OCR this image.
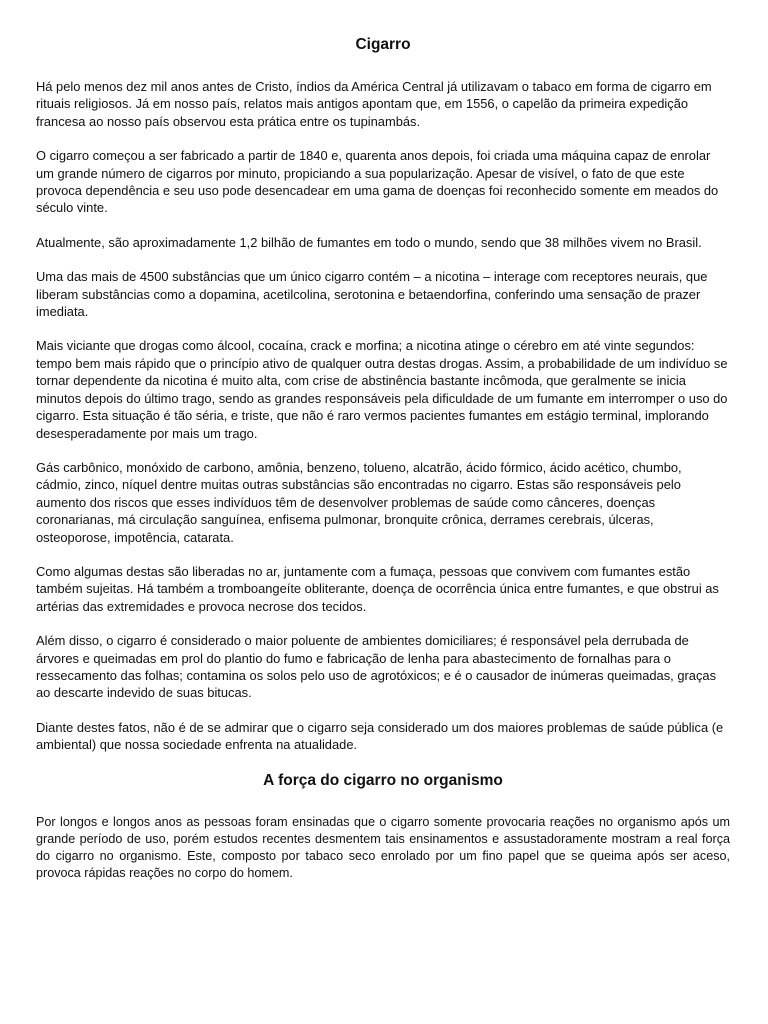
Cigarro

Há pelo menos dez mil anos antes de Cristo, índios da América Central já utilizavam o tabaco em forma de cigarro em rituais religiosos. Já em nosso país, relatos mais antigos apontam que, em 1556, o capelão da primeira expedição francesa ao nosso país observou esta prática entre os tupinambás.

O cigarro começou a ser fabricado a partir de 1840 e, quarenta anos depois, foi criada uma máquina capaz de enrolar um grande número de cigarros por minuto, propiciando a sua popularização. Apesar de visível, o fato de que este provoca dependência e seu uso pode desencadear em uma gama de doenças foi reconhecido somente em meados do século vinte.

Atualmente, são aproximadamente 1,2 bilhão de fumantes em todo o mundo, sendo que 38 milhões vivem no Brasil.

Uma das mais de 4500 substâncias que um único cigarro contém – a nicotina – interage com receptores neurais, que liberam substâncias como a dopamina, acetilcolina, serotonina e betaendorfina, conferindo uma sensação de prazer imediata.

Mais viciante que drogas como álcool, cocaína, crack e morfina; a nicotina atinge o cérebro em até vinte segundos: tempo bem mais rápido que o princípio ativo de qualquer outra destas drogas. Assim, a probabilidade de um indivíduo se tornar dependente da nicotina é muito alta, com crise de abstinência bastante incômoda, que geralmente se inicia minutos depois do último trago, sendo as grandes responsáveis pela dificuldade de um fumante em interromper o uso do cigarro. Esta situação é tão séria, e triste, que não é raro vermos pacientes fumantes em estágio terminal, implorando desesperadamente por mais um trago.

Gás carbônico, monóxido de carbono, amônia, benzeno, tolueno, alcatrão, ácido fórmico, ácido acético, chumbo, cádmio, zinco, níquel dentre muitas outras substâncias são encontradas no cigarro. Estas são responsáveis pelo aumento dos riscos que esses indivíduos têm de desenvolver problemas de saúde como cânceres, doenças coronarianas, má circulação sanguínea, enfisema pulmonar, bronquite crônica, derrames cerebrais, úlceras, osteoporose, impotência, catarata.

Como algumas destas são liberadas no ar, juntamente com a fumaça, pessoas que convivem com fumantes estão também sujeitas. Há também a tromboangeíte obliterante, doença de ocorrência única entre fumantes, e que obstrui as artérias das extremidades e provoca necrose dos tecidos.

Além disso, o cigarro é considerado o maior poluente de ambientes domiciliares; é responsável pela derrubada de árvores e queimadas em prol do plantio do fumo e fabricação de lenha para abastecimento de fornalhas para o ressecamento das folhas; contamina os solos pelo uso de agrotóxicos; e é o causador de inúmeras queimadas, graças ao descarte indevido de suas bitucas.

Diante destes fatos, não é de se admirar que o cigarro seja considerado um dos maiores problemas de saúde pública (e ambiental) que nossa sociedade enfrenta na atualidade.

A força do cigarro no organismo

Por longos e longos anos as pessoas foram ensinadas que o cigarro somente provocaria reações no organismo após um grande período de uso, porém estudos recentes desmentem tais ensinamentos e assustadoramente mostram a real força do cigarro no organismo. Este, composto por tabaco seco enrolado por um fino papel que se queima após ser aceso, provoca rápidas reações no corpo do homem.
